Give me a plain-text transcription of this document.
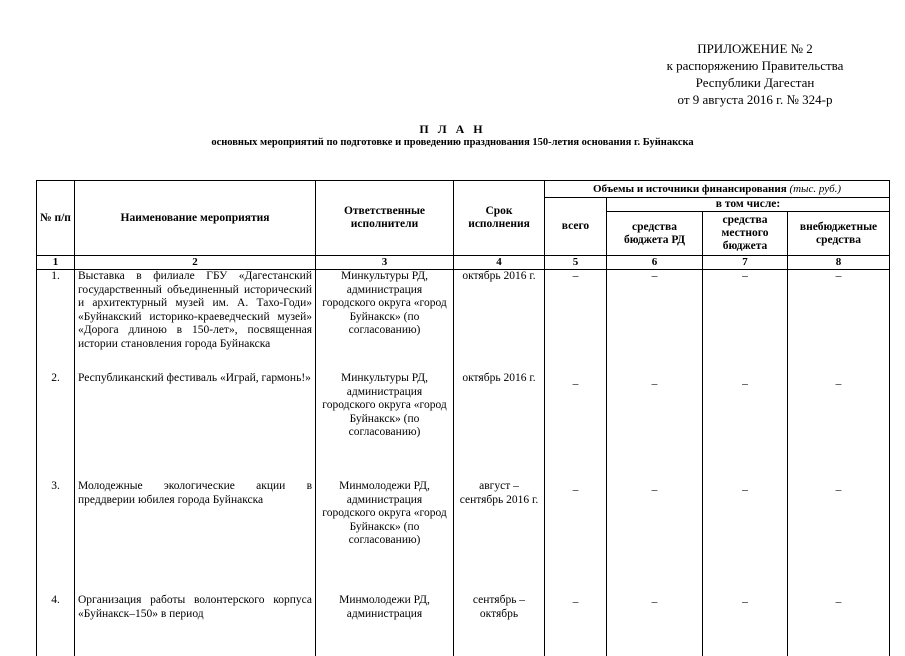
ПРИЛОЖЕНИЕ № 2
к распоряжению Правительства
Республики Дагестан
от 9 августа 2016 г. № 324-р
П Л А Н
основных мероприятий по подготовке и проведению празднования 150-летия основания г. Буйнакска
№ п/п	Наименование мероприятия	Ответственные исполнители	Срок исполнения	Объемы и источники финансирования (тыс. руб.)			
				всего	в том числе:		
					средства бюджета РД	средства местного бюджета	внебюджетные средства
1	2	3	4	5	6	7	8
1.	Выставка в филиале ГБУ «Дагестанский государственный объединенный исторический и архитектурный музей им. А. Тахо-Годи» «Буйнакский историко-краеведческий музей» «Дорога длиною в 150-лет», посвященная истории становления города Буйнакска	Минкультуры РД, администрация городского округа «город Буйнакск» (по согласованию)	октябрь 2016 г.	–	–	–	–
2.	Республиканский фестиваль «Играй, гармонь!»	Минкультуры РД, администрация городского округа «город Буйнакск» (по согласованию)	октябрь 2016 г.	–	–	–	–
3.	Молодежные экологические акции в преддверии юбилея города Буйнакска	Минмолодежи РД, администрация городского округа «город Буйнакск» (по согласованию)	август – сентябрь 2016 г.	–	–	–	–
4.	Организация работы волонтерского корпуса «Буйнакск–150» в период	Минмолодежи РД, администрация	сентябрь – октябрь	–	–	–	–
